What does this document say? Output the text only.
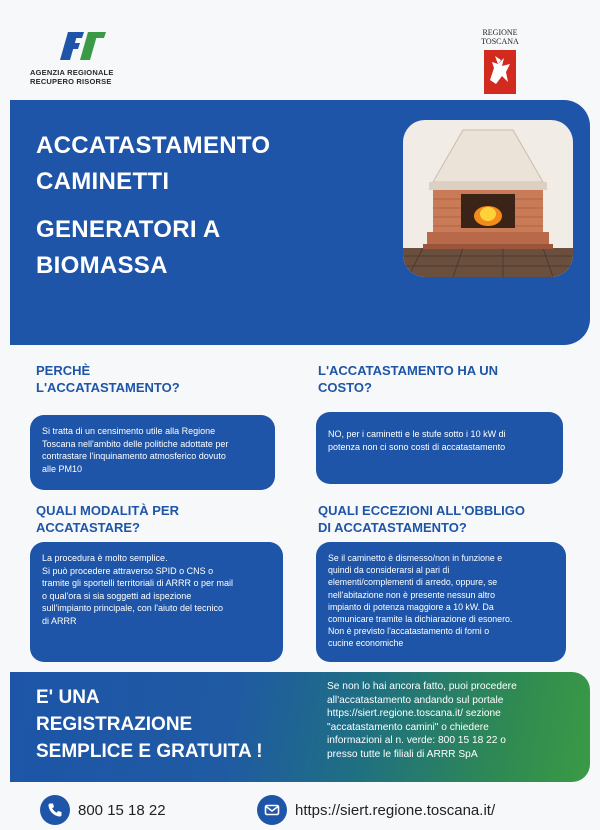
AGENZIA REGIONALE
RECUPERO RISORSE
REGIONE
TOSCANA
ACCATASTAMENTO
CAMINETTI
GENERATORI A
BIOMASSA
PERCHÈ
L'ACCATASTAMENTO?
Si tratta di un censimento utile alla Regione
Toscana nell'ambito delle politiche adottate per
contrastare l'inquinamento atmosferico dovuto
alle PM10
L'ACCATASTAMENTO HA UN
COSTO?
NO, per i caminetti e le stufe sotto i 10 kW di
potenza non ci sono costi di accatastamento
QUALI MODALITÀ PER
ACCATASTARE?
La procedura è molto semplice.
Si può procedere attraverso SPID o CNS o
tramite gli sportelli territoriali di ARRR o per mail
o qual'ora si sia soggetti ad ispezione
sull'impianto principale, con l'aiuto del tecnico
di ARRR
QUALI ECCEZIONI ALL'OBBLIGO
DI ACCATASTAMENTO?
Se il caminetto è dismesso/non in funzione e
quindi da considerarsi al pari di
elementi/complementi di arredo, oppure, se
nell'abitazione non è presente nessun altro
impianto di potenza maggiore a 10 kW. Da
comunicare tramite la dichiarazione di esonero.
Non è previsto l'accatastamento di forni o
cucine economiche
E' UNA
REGISTRAZIONE
SEMPLICE E GRATUITA !
Se non lo hai ancora fatto, puoi procedere
all'accatastamento andando sul portale
https://siert.regione.toscana.it/ sezione
"accatastamento camini" o chiedere
informazioni al n. verde: 800 15 18 22 o
presso tutte le filiali di ARRR SpA
800 15 18 22	https://siert.regione.toscana.it/
